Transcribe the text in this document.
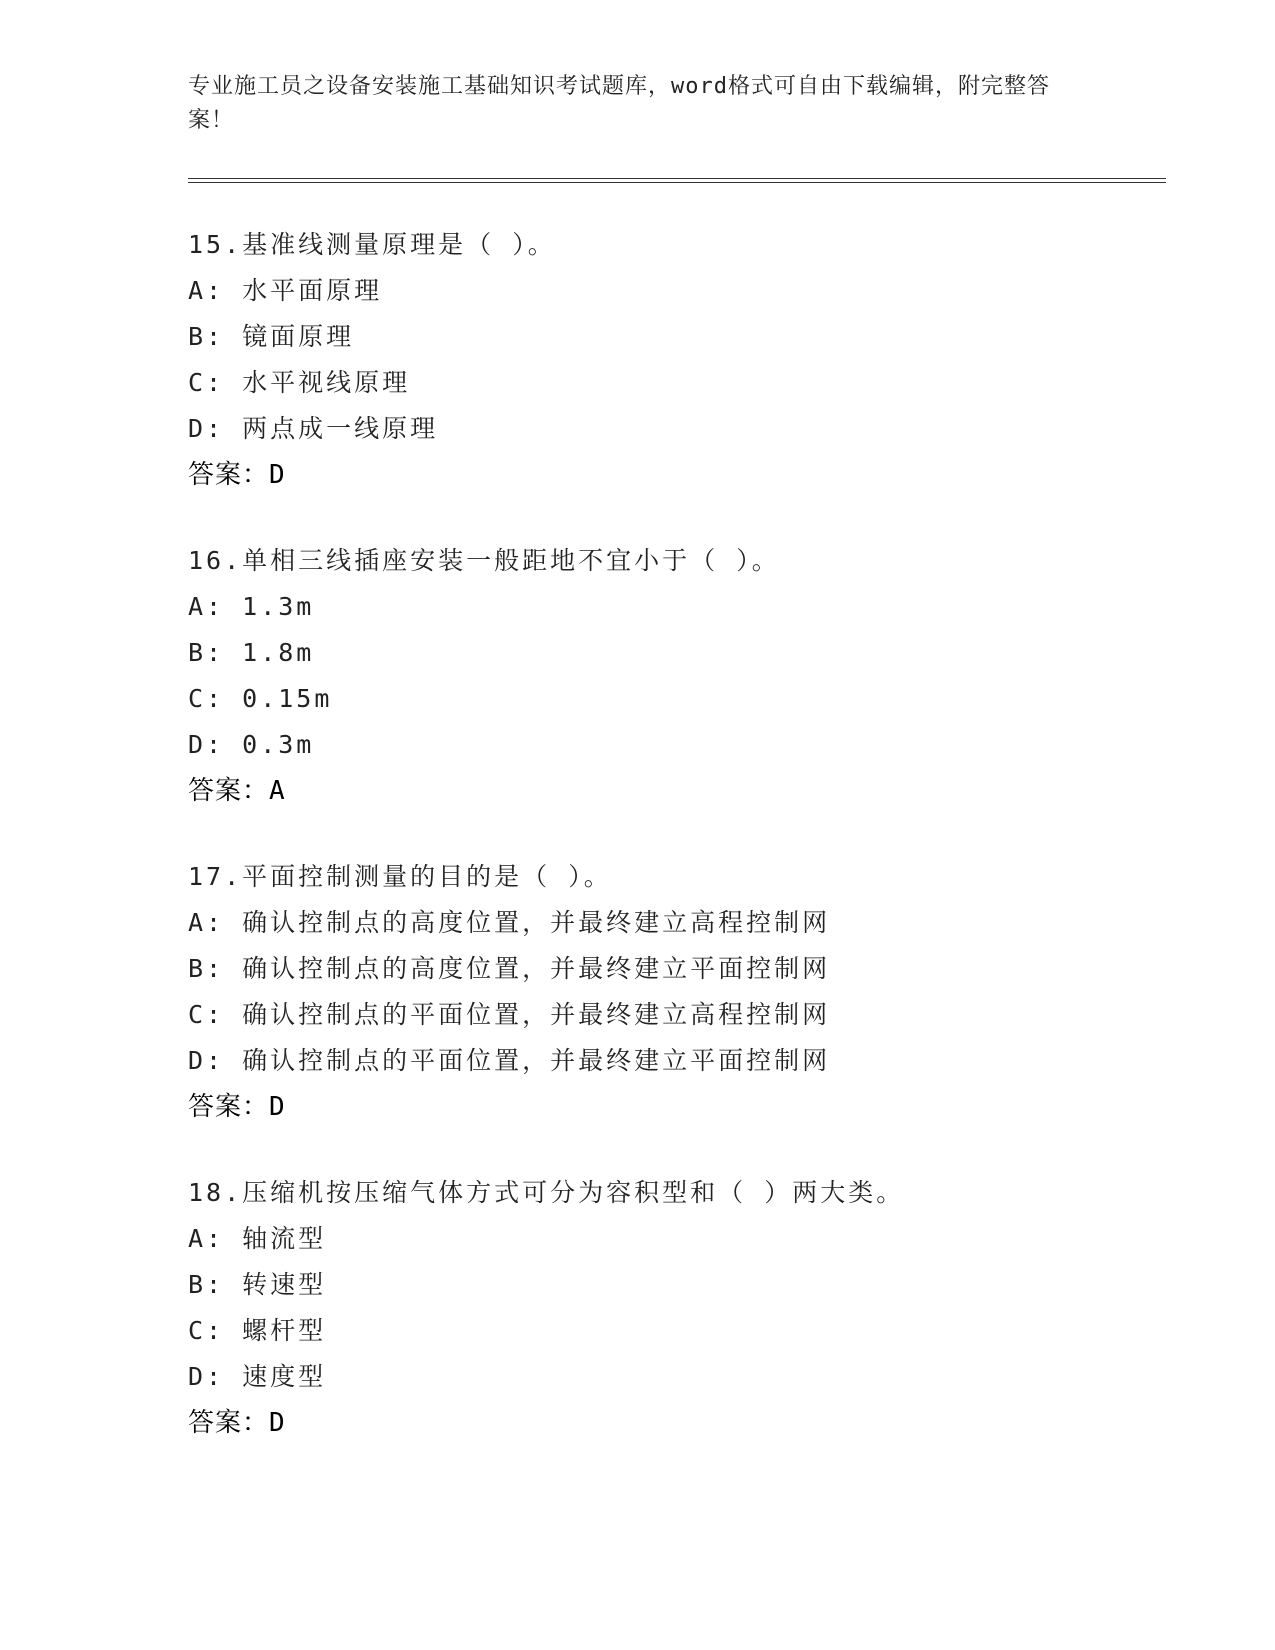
专业施工员之设备安装施工基础知识考试题库，word格式可自由下载编辑，附完整答案！
15.基准线测量原理是（ ）。
A: 水平面原理
B: 镜面原理
C: 水平视线原理
D: 两点成一线原理
答案：D
16.单相三线插座安装一般距地不宜小于（ ）。
A: 1.3m
B: 1.8m
C: 0.15m
D: 0.3m
答案：A
17.平面控制测量的目的是（ ）。
A: 确认控制点的高度位置，并最终建立高程控制网
B: 确认控制点的高度位置，并最终建立平面控制网
C: 确认控制点的平面位置，并最终建立高程控制网
D: 确认控制点的平面位置，并最终建立平面控制网
答案：D
18.压缩机按压缩气体方式可分为容积型和（ ）两大类。
A: 轴流型
B: 转速型
C: 螺杆型
D: 速度型
答案：D
